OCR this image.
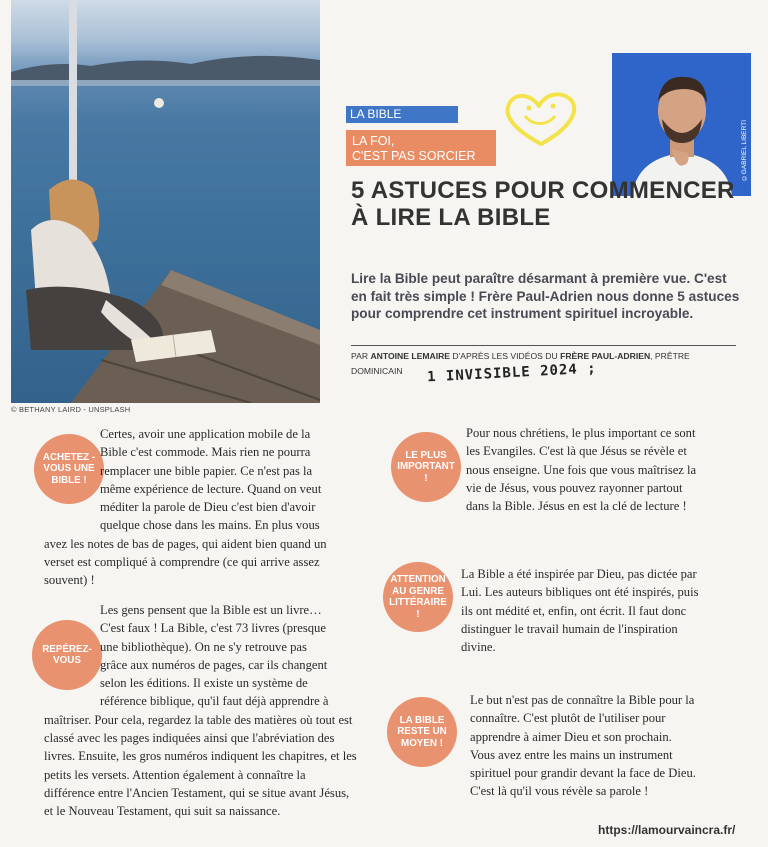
© BETHANY LAIRD - UNSPLASH
LA BIBLE
LA FOI,
C'EST PAS SORCIER	©GABRIEL LIBERTI
5 ASTUCES POUR COMMENCER À LIRE LA BIBLE
Lire la Bible peut paraître désarmant à première vue. C'est en fait très simple ! Frère Paul-Adrien nous donne 5 astuces pour comprendre cet instrument spirituel incroyable.
PAR ANTOINE LEMAIRE D'APRÈS LES VIDÉOS DU FRÈRE PAUL-ADRIEN, PRÊTRE
DOMINICAIN	1 INVISIBLE 2024 ;
ACHETEZ -VOUS UNE BIBLE !
Certes, avoir une application mobile de la
Bible c'est commode. Mais rien ne pourra
remplacer une bible papier. Ce n'est pas la
même expérience de lecture. Quand on veut
méditer la parole de Dieu c'est bien d'avoir
quelque chose dans les mains. En plus vous
avez les notes de bas de pages, qui aident bien quand un
verset est compliqué à comprendre (ce qui arrive assez
souvent) !
REPÉREZ- VOUS
Les gens pensent que la Bible est un livre…
C'est faux ! La Bible, c'est 73 livres (presque
une bibliothèque). On ne s'y retrouve pas
grâce aux numéros de pages, car ils changent
selon les éditions. Il existe un système de
référence biblique, qu'il faut déjà apprendre à
maîtriser. Pour cela, regardez la table des matières où tout est
classé avec les pages indiquées ainsi que l'abréviation des
livres. Ensuite, les gros numéros indiquent les chapitres, et les
petits les versets. Attention également à connaître la
différence entre l'Ancien Testament, qui se situe avant Jésus,
et le Nouveau Testament, qui suit sa naissance.
LE PLUS IMPORTANT !
Pour nous chrétiens, le plus important ce sont
les Evangiles. C'est là que Jésus se révèle et
nous enseigne. Une fois que vous maîtrisez la
vie de Jésus, vous pouvez rayonner partout
dans la Bible. Jésus en est la clé de lecture !
ATTENTION AU GENRE LITTÉRAIRE !
La Bible a été inspirée par Dieu, pas dictée par
Lui. Les auteurs bibliques ont été inspirés, puis
ils ont médité et, enfin, ont écrit. Il faut donc
distinguer le travail humain de l'inspiration
divine.
LA BIBLE RESTE UN MOYEN !
Le but n'est pas de connaître la Bible pour la
connaître. C'est plutôt de l'utiliser pour
apprendre à aimer Dieu et son prochain.
Vous avez entre les mains un instrument
spirituel pour grandir devant la face de Dieu.
C'est là qu'il vous révèle sa parole !
https://lamourvaincra.fr/
